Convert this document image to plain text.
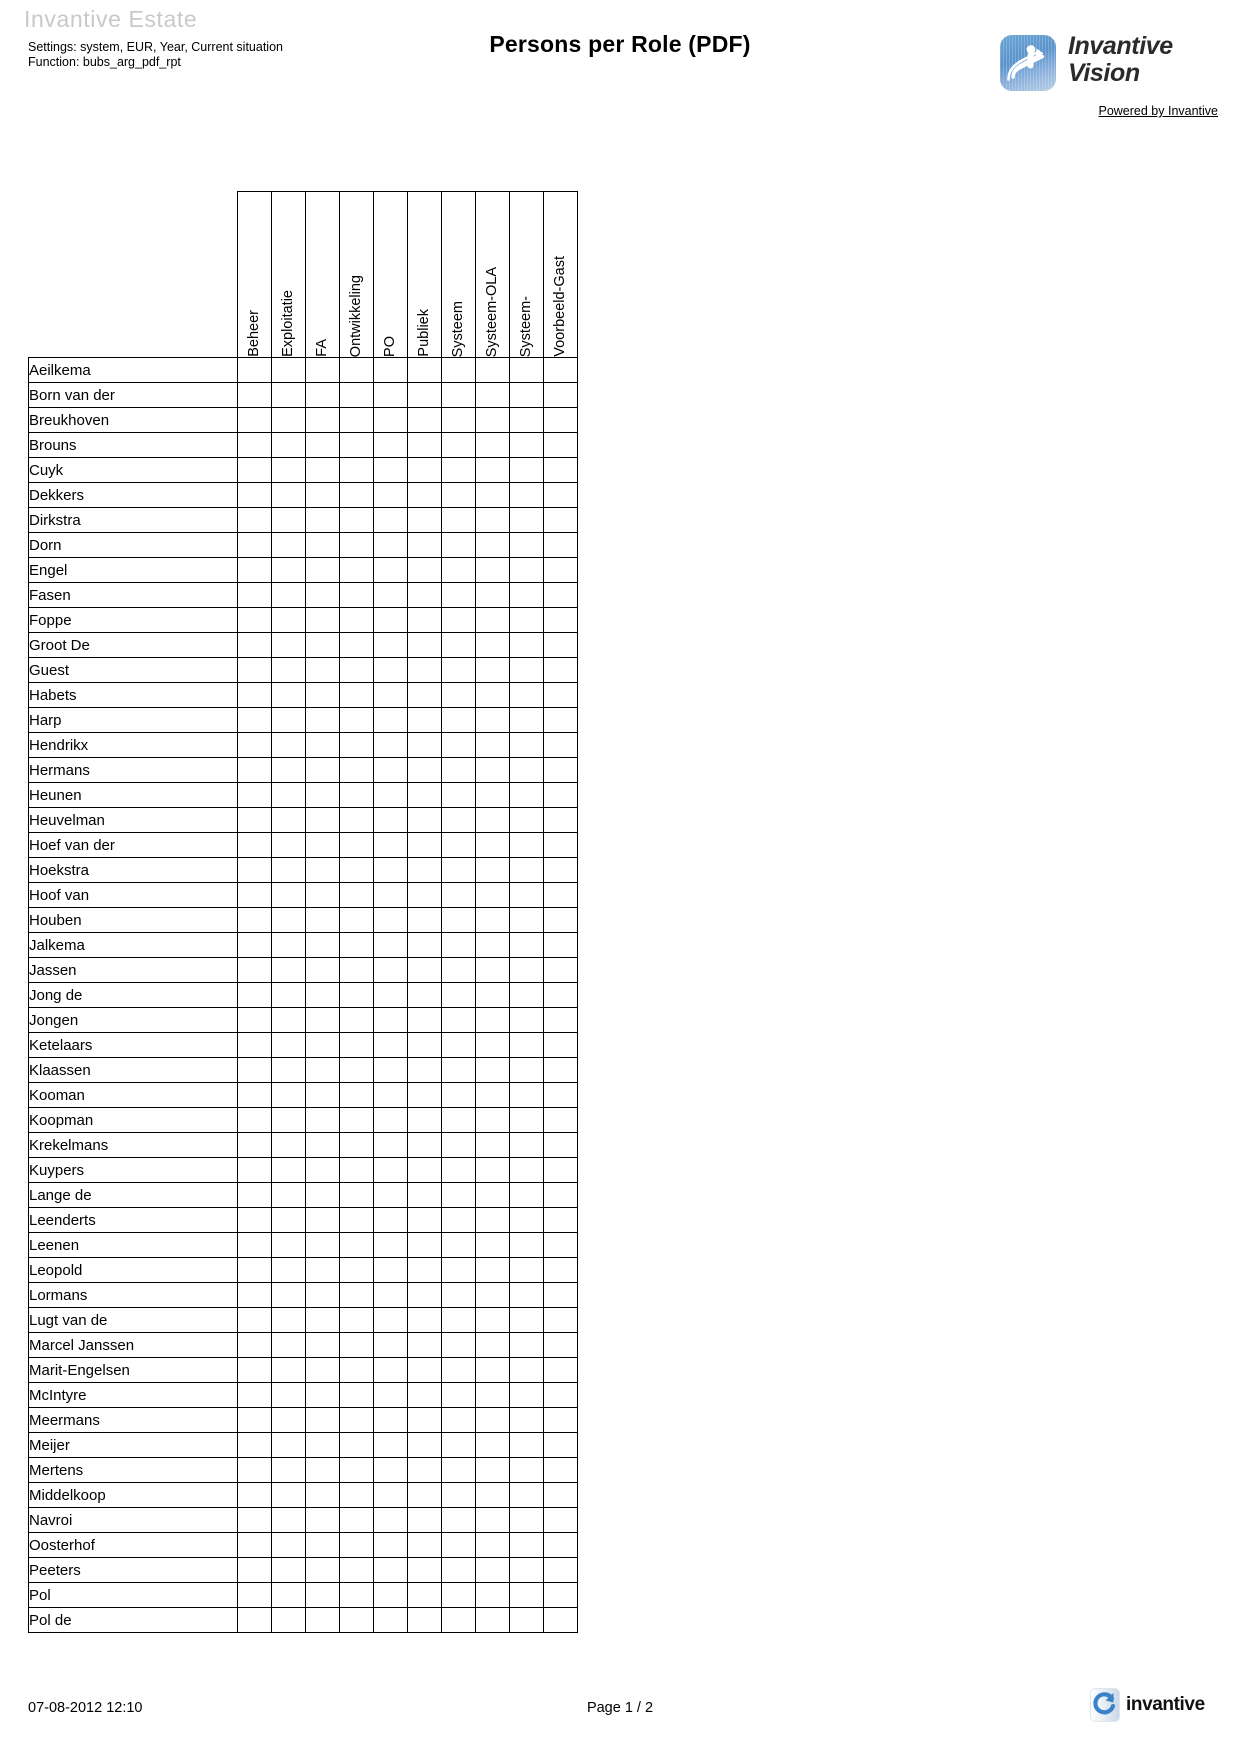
Invantive Estate
Settings: system, EUR, Year, Current situation
Function: bubs_arg_pdf_rpt
Persons per Role (PDF)	Invantive
Vision
Powered by Invantive

	Beheer	Exploitatie	FA	Ontwikkeling	PO	Publiek	Systeem	Systeem-OLA	Systeem-	Voorbeeld-Gast

Aeilkema										
Born van der										
Breukhoven										
Brouns										
Cuyk										
Dekkers										
Dirkstra										
Dorn										
Engel										
Fasen										
Foppe										
Groot De										
Guest										
Habets										
Harp										
Hendrikx										
Hermans										
Heunen										
Heuvelman										
Hoef van der										
Hoekstra										
Hoof van										
Houben										
Jalkema										
Jassen										
Jong de										
Jongen										
Ketelaars										
Klaassen										
Kooman										
Koopman										
Krekelmans										
Kuypers										
Lange de										
Leenderts										
Leenen										
Leopold										
Lormans										
Lugt van de										
Marcel Janssen										
Marit-Engelsen										
McIntyre										
Meermans										
Meijer										
Mertens										
Middelkoop										
Navroi										
Oosterhof										
Peeters										
Pol										
Pol de										
07-08-2012 12:10	Page 1 / 2	invantive
